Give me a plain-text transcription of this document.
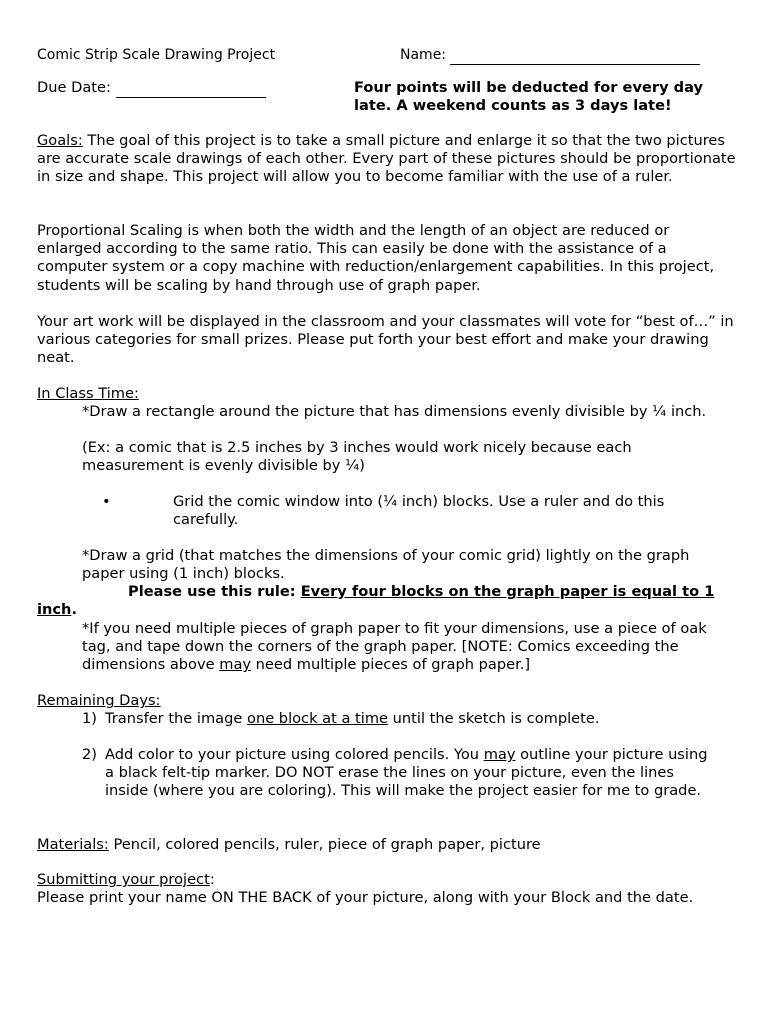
Comic Strip Scale Drawing Project	Name:
Due Date:	Four points will be deducted for every day
late. A weekend counts as 3 days late!

Goals: The goal of this project is to take a small picture and enlarge it so that the two pictures are accurate scale drawings of each other. Every part of these pictures should be proportionate in size and shape. This project will allow you to become familiar with the use of a ruler.

Proportional Scaling is when both the width and the length of an object are reduced or enlarged according to the same ratio. This can easily be done with the assistance of a computer system or a copy machine with reduction/enlargement capabilities. In this project, students will be scaling by hand through use of graph paper.

Your art work will be displayed in the classroom and your classmates will vote for “best of…” in various categories for small prizes. Please put forth your best effort and make your drawing neat.

In Class Time:

*Draw a rectangle around the picture that has dimensions evenly divisible by ¼ inch.

(Ex: a comic that is 2.5 inches by 3 inches would work nicely because each measurement is evenly divisible by ¼)

•	Grid the comic window into (¼ inch) blocks. Use a ruler and do this carefully.

*Draw a grid (that matches the dimensions of your comic grid) lightly on the graph paper using (1 inch) blocks.

Please use this rule: Every four blocks on the graph paper is equal to 1
inch.

*If you need multiple pieces of graph paper to fit your dimensions, use a piece of oak tag, and tape down the corners of the graph paper. [NOTE: Comics exceeding the dimensions above may need multiple pieces of graph paper.]

Remaining Days:
1) Transfer the image one block at a time until the sketch is complete.
2) Add color to your picture using colored pencils. You may outline your picture using a black felt-tip marker. DO NOT erase the lines on your picture, even the lines inside (where you are coloring). This will make the project easier for me to grade.

Materials: Pencil, colored pencils, ruler, piece of graph paper, picture

Submitting your project:

Please print your name ON THE BACK of your picture, along with your Block and the date.
